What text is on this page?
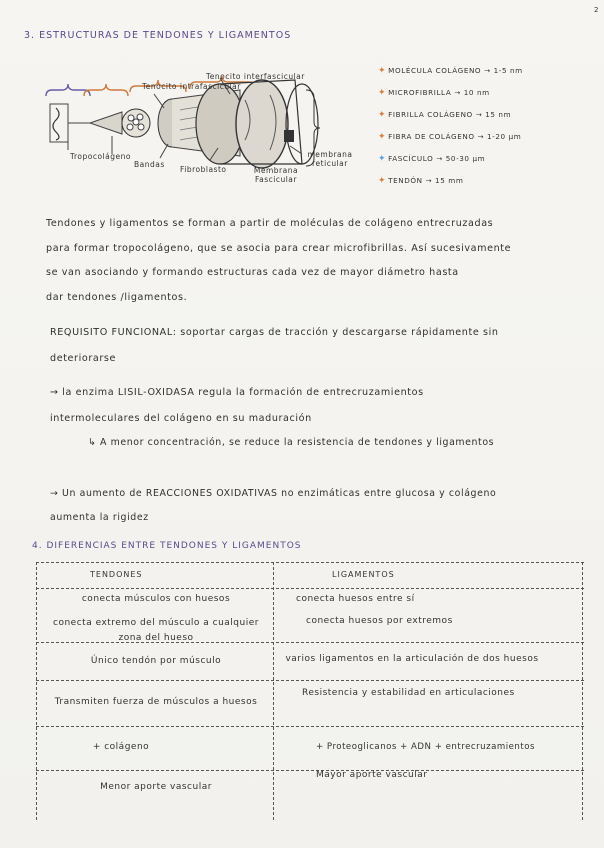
2
3. ESTRUCTURAS DE TENDONES Y LIGAMENTOS
Tenocito intrafascicular
Tenocito interfascicular
Tropocolágeno
Bandas
Fibroblasto	Membrana Fascicular
membrana reticular
✦ MOLÉCULA COLÁGENO → 1-5 nm
✦ MICROFIBRILLA → 10 nm
✦ FIBRILLA COLÁGENO → 15 nm
✦ FIBRA DE COLÁGENO → 1-20 μm
✦ FASCÍCULO → 50-30 μm
✦ TENDÓN → 15 mm
Tendones y ligamentos se forman a partir de moléculas de colágeno entrecruzadas
para formar tropocolágeno, que se asocia para crear microfibrillas. Así sucesivamente
se van asociando y formando estructuras cada vez de mayor diámetro hasta
dar tendones /ligamentos.
REQUISITO FUNCIONAL: soportar cargas de tracción y descargarse rápidamente sin
deteriorarse
→ la enzima LISIL-OXIDASA regula la formación de entrecruzamientos
intermoleculares del colágeno en su maduración
↳ A menor concentración, se reduce la resistencia de tendones y ligamentos
→ Un aumento de REACCIONES OXIDATIVAS no enzimáticas entre glucosa y colágeno
aumenta la rigidez
4. DIFERENCIAS ENTRE TENDONES Y LIGAMENTOS
TENDONES	LIGAMENTOS
conecta músculos con huesos
conecta extremo del músculo a cualquier zona del hueso
Único tendón por músculo
Transmiten fuerza de músculos a huesos
+ colágeno
Menor aporte vascular
conecta huesos entre sí
conecta huesos por extremos
varios ligamentos en la articulación de dos huesos
Resistencia y estabilidad en articulaciones
+ Proteoglicanos + ADN + entrecruzamientos
Mayor aporte vascular
